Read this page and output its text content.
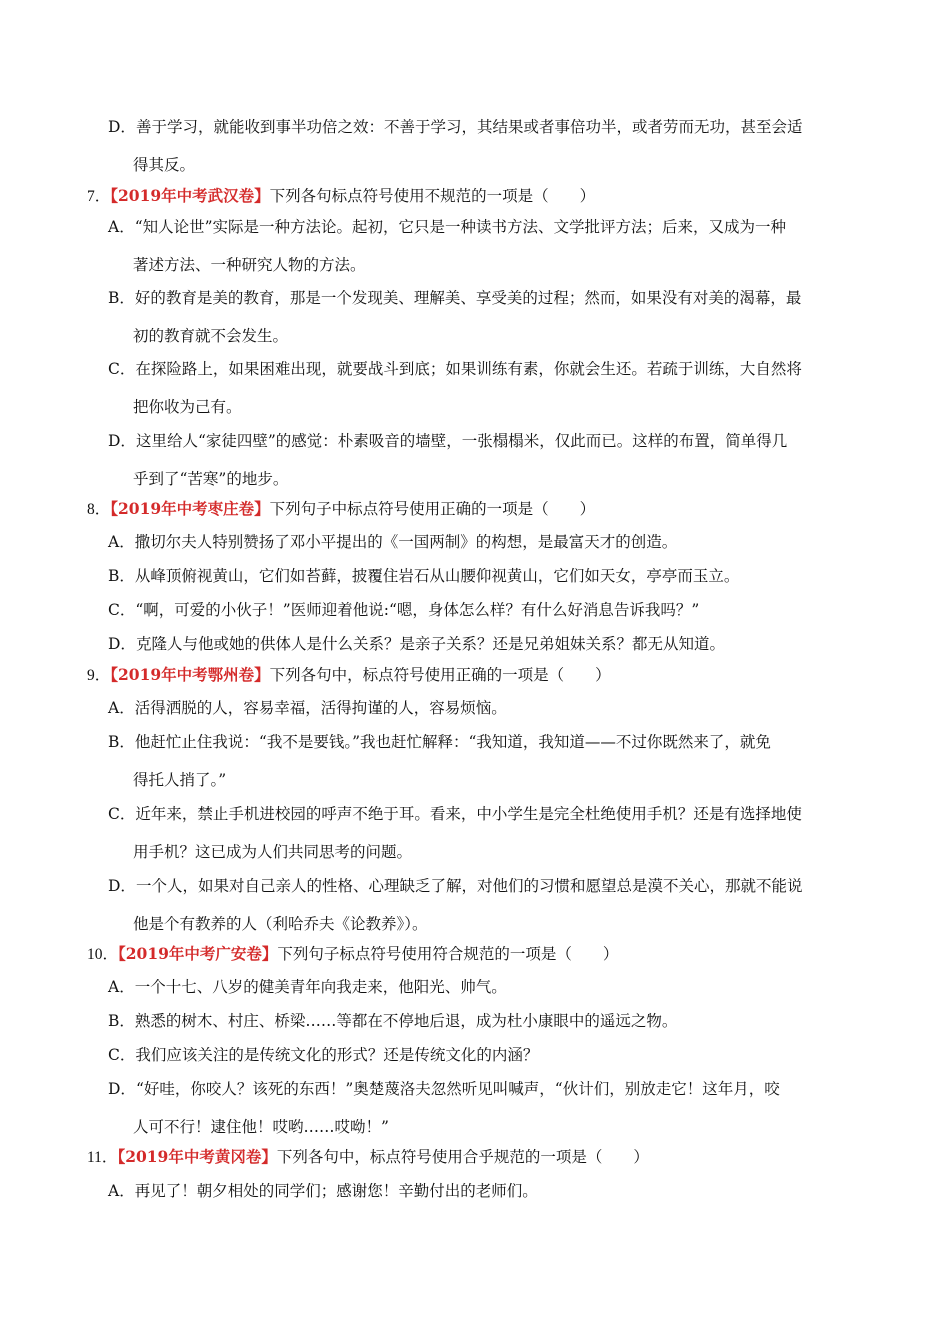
D．善于学习，就能收到事半功倍之效：不善于学习，其结果或者事倍功半，或者劳而无功，甚至会适
得其反。
7．【2019年中考武汉卷】下列各句标点符号使用不规范的一项是（　　）
A．“知人论世”实际是一种方法论。起初，它只是一种读书方法、文学批评方法；后来，又成为一种
著述方法、一种研究人物的方法。
B．好的教育是美的教育，那是一个发现美、理解美、享受美的过程；然而，如果没有对美的渴幕，最
初的教育就不会发生。
C．在探险路上，如果困难出现，就要战斗到底；如果训练有素，你就会生还。若疏于训练，大自然将
把你收为己有。
D．这里给人“家徒四壁”的感觉：朴素吸音的墙壁，一张榻榻米，仅此而已。这样的布置，简单得几
乎到了“苦寒”的地步。
8．【2019年中考枣庄卷】下列句子中标点符号使用正确的一项是（　　）
A．撒切尔夫人特别赞扬了邓小平提出的《一国两制》的构想，是最富天才的创造。
B．从峰顶俯视黄山，它们如苔藓，披覆住岩石从山腰仰视黄山，它们如天女，亭亭而玉立。
C．“啊，可爱的小伙子！”医师迎着他说:“嗯，身体怎么样？有什么好消息告诉我吗？”
D．克隆人与他或她的供体人是什么关系？是亲子关系？还是兄弟姐妹关系？都无从知道。
9．【2019年中考鄂州卷】下列各句中，标点符号使用正确的一项是（　　）
A．活得洒脱的人，容易幸福，活得拘谨的人，容易烦恼。
B．他赶忙止住我说：“我不是要钱。”我也赶忙解释：“我知道，我知道——不过你既然来了，就免
得托人捎了。”
C．近年来，禁止手机进校园的呼声不绝于耳。看来，中小学生是完全杜绝使用手机？还是有选择地使
用手机？这已成为人们共同思考的问题。
D．一个人，如果对自己亲人的性格、心理缺乏了解，对他们的习惯和愿望总是漠不关心，那就不能说
他是个有教养的人（利哈乔夫《论教养》）。
10．【2019年中考广安卷】下列句子标点符号使用符合规范的一项是（　　）
A．一个十七、八岁的健美青年向我走来，他阳光、帅气。
B．熟悉的树木、村庄、桥梁……等都在不停地后退，成为杜小康眼中的遥远之物。
C．我们应该关注的是传统文化的形式？还是传统文化的内涵？
D．“好哇，你咬人？该死的东西！”奥楚蔑洛夫忽然听见叫喊声，“伙计们，别放走它！这年月，咬
人可不行！逮住他！哎哟……哎呦！”
11．【2019年中考黄冈卷】下列各句中，标点符号使用合乎规范的一项是（　　）
A．再见了！朝夕相处的同学们；感谢您！辛勤付出的老师们。
